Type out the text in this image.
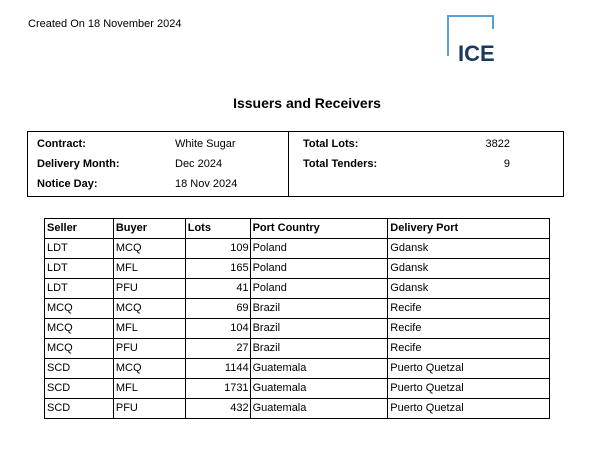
Created On 18 November 2024
ICE
Issuers and Receivers
Contract:	White Sugar
Delivery Month:	Dec 2024
Notice Day:	18 Nov 2024
Total Lots:	3822
Total Tenders:	9
Seller	Buyer	Lots	Port Country	Delivery Port
LDT	MCQ	109	Poland	Gdansk
LDT	MFL	165	Poland	Gdansk
LDT	PFU	41	Poland	Gdansk
MCQ	MCQ	69	Brazil	Recife
MCQ	MFL	104	Brazil	Recife
MCQ	PFU	27	Brazil	Recife
SCD	MCQ	1144	Guatemala	Puerto Quetzal
SCD	MFL	1731	Guatemala	Puerto Quetzal
SCD	PFU	432	Guatemala	Puerto Quetzal
